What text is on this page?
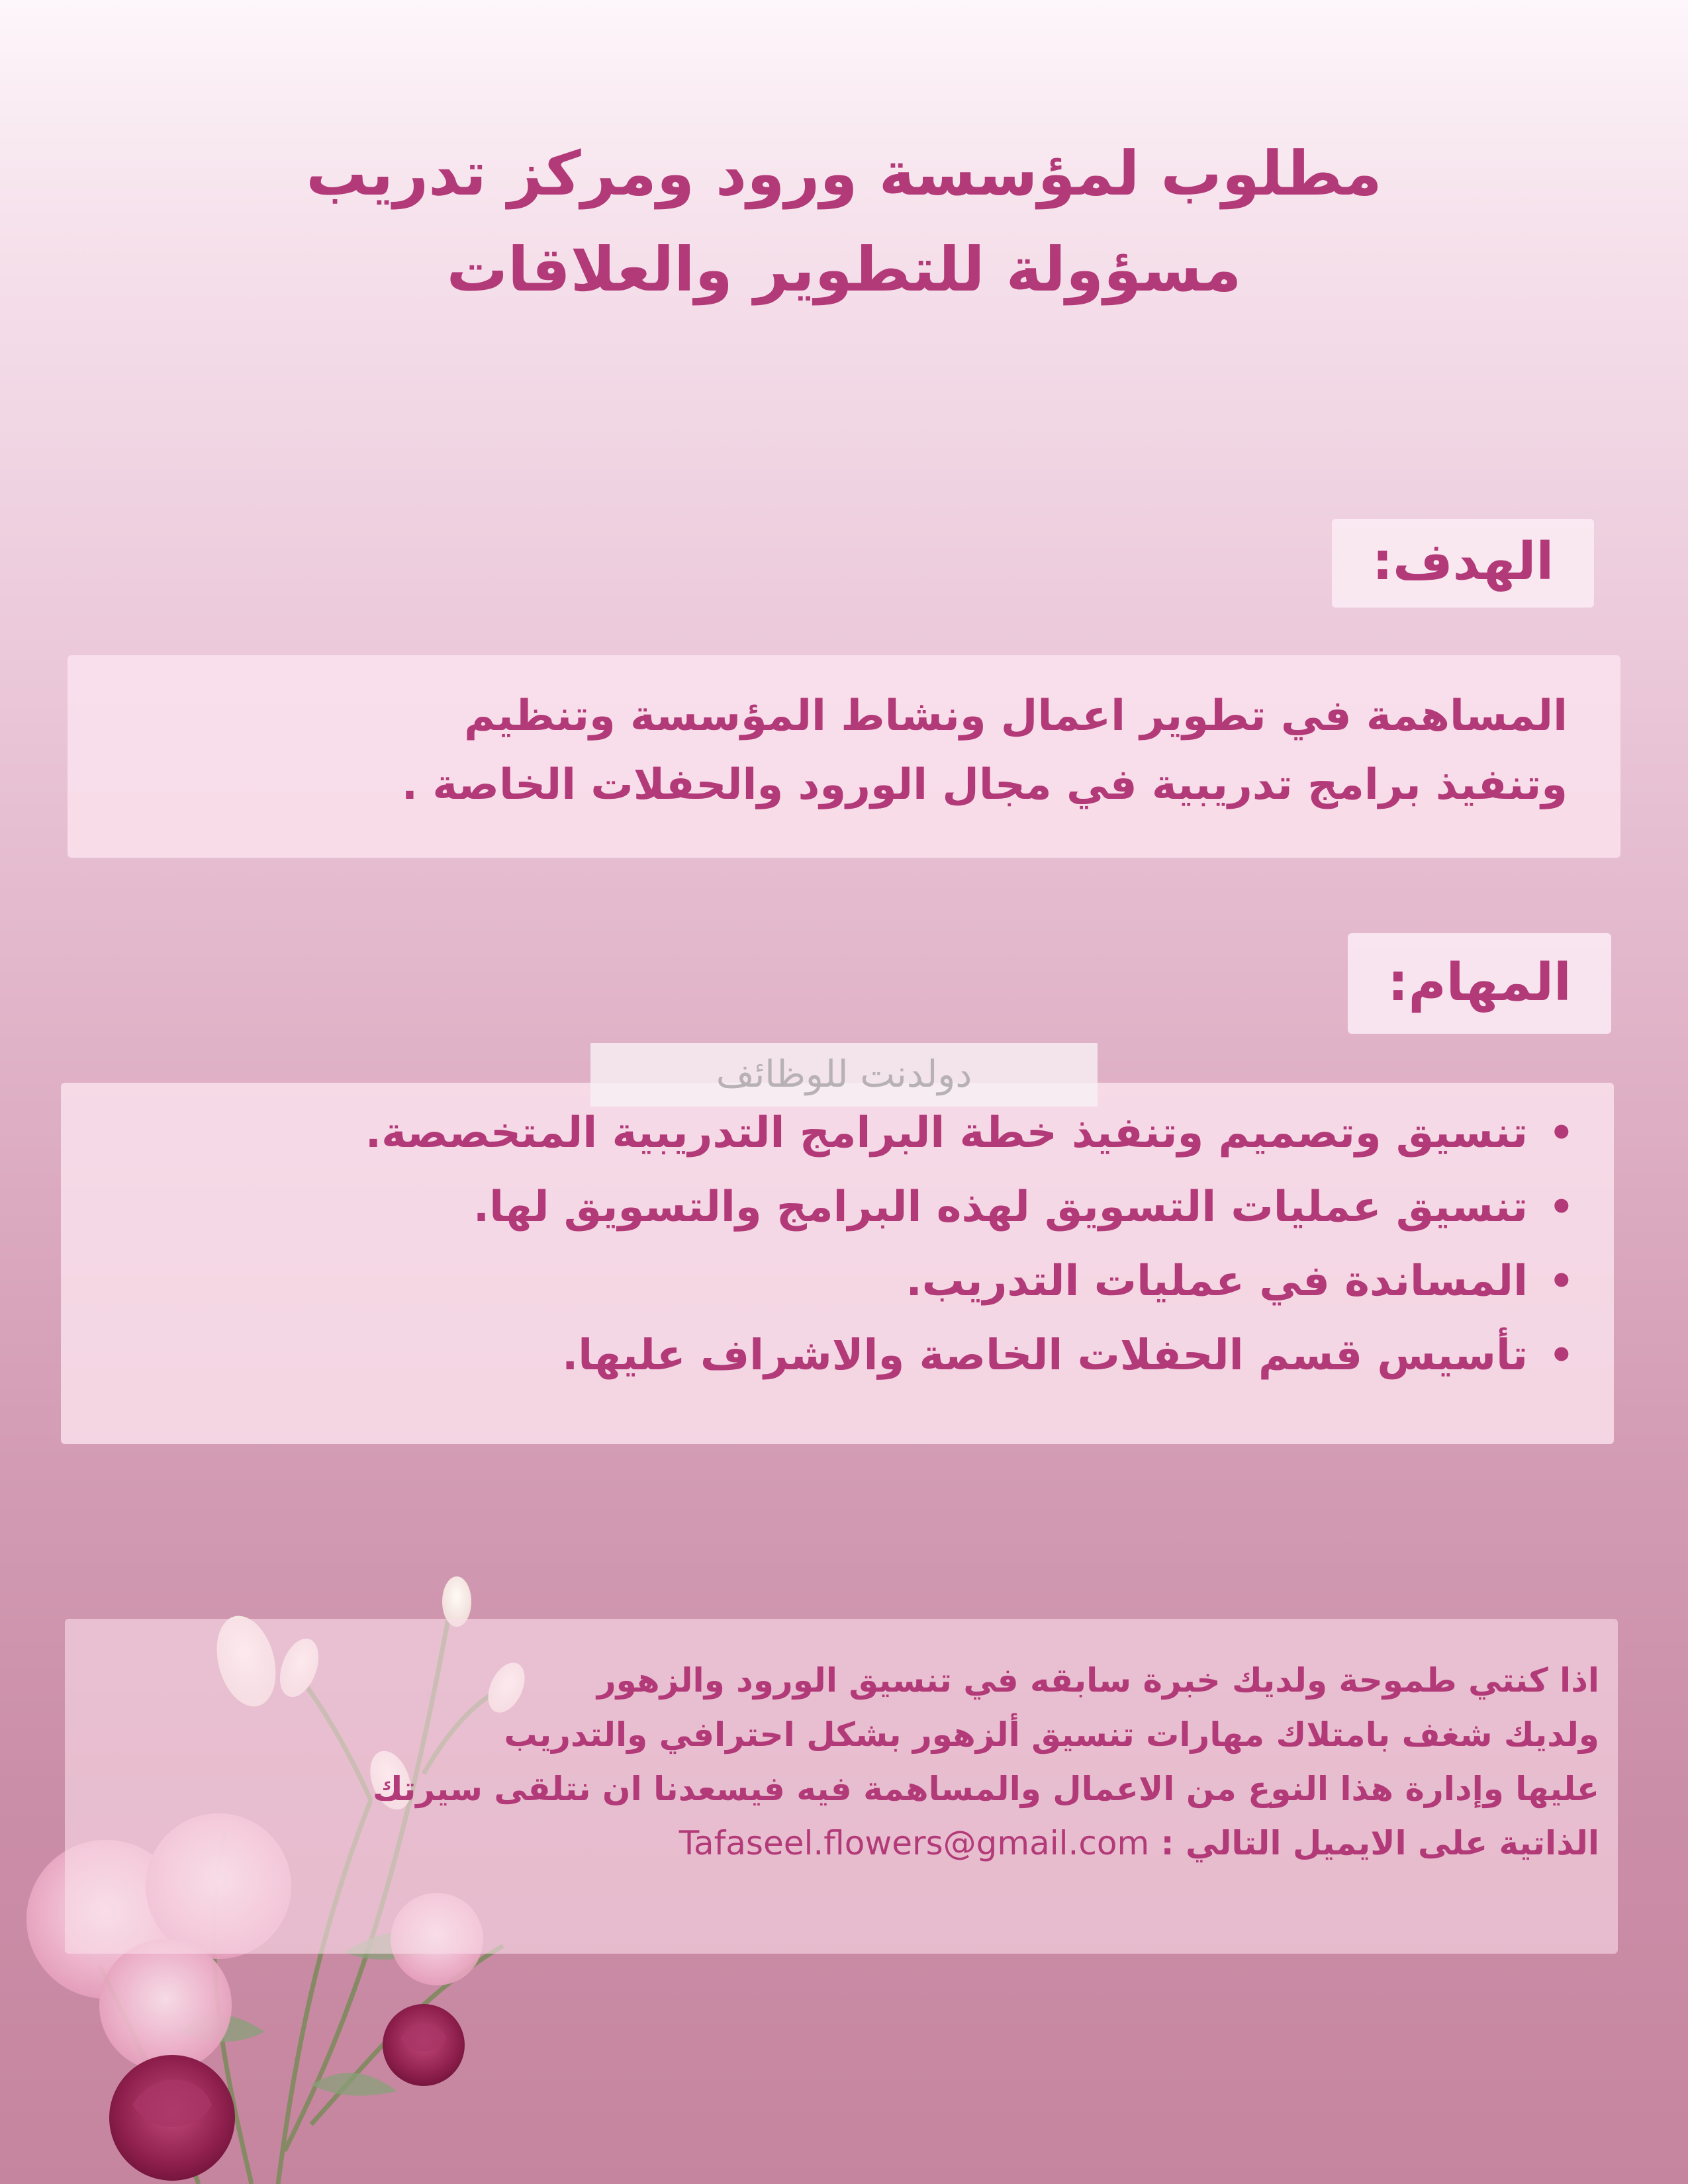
مطلوب لمؤسسة ورود ومركز تدريب
مسؤولة للتطوير والعلاقات
الهدف:
المساهمة في تطوير اعمال ونشاط المؤسسة وتنظيم
وتنفيذ برامج تدريبية في مجال الورود والحفلات الخاصة .
المهام:
•
تنسيق وتصميم وتنفيذ خطة البرامج التدريبية المتخصصة.
•
تنسيق عمليات التسويق لهذه البرامج والتسويق لها.
•
المساندة في عمليات التدريب.
•
تأسيس قسم الحفلات الخاصة والاشراف عليها.
دولدنت للوظائف
اذا كنتي طموحة ولديك خبرة سابقه في تنسيق الورود والزهور
ولديك شغف بامتلاك مهارات تنسيق ألزهور بشكل احترافي والتدريب
عليها وإدارة هذا النوع من الاعمال والمساهمة فيه فيسعدنا ان نتلقى سيرتك
الذاتية على الايميل التالي : Tafaseel.flowers@gmail.com
